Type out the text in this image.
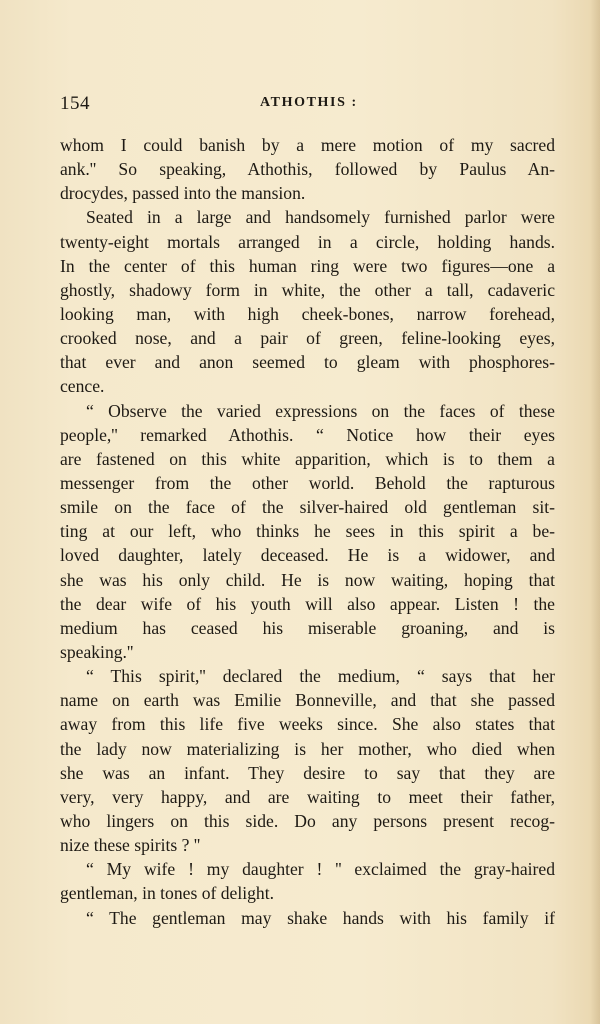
154	ATHOTHIS :
whom I could banish by a mere motion of my sacred
ank.'' So speaking, Athothis, followed by Paulus An-
drocydes, passed into the mansion.
Seated in a large and handsomely furnished parlor were
twenty-eight mortals arranged in a circle, holding hands.
In the center of this human ring were two figures—one a
ghostly, shadowy form in white, the other a tall, cadaveric
looking man, with high cheek-bones, narrow forehead,
crooked nose, and a pair of green, feline-looking eyes,
that ever and anon seemed to gleam with phosphores-
cence.
“ Observe the varied expressions on the faces of these
people,'' remarked Athothis. “ Notice how their eyes
are fastened on this white apparition, which is to them a
messenger from the other world. Behold the rapturous
smile on the face of the silver-haired old gentleman sit-
ting at our left, who thinks he sees in this spirit a be-
loved daughter, lately deceased. He is a widower, and
she was his only child. He is now waiting, hoping that
the dear wife of his youth will also appear. Listen ! the
medium has ceased his miserable groaning, and is
speaking.''
“ This spirit,'' declared the medium, “ says that her
name on earth was Emilie Bonneville, and that she passed
away from this life five weeks since. She also states that
the lady now materializing is her mother, who died when
she was an infant. They desire to say that they are
very, very happy, and are waiting to meet their father,
who lingers on this side. Do any persons present recog-
nize these spirits ? ''
“ My wife ! my daughter ! '' exclaimed the gray-haired
gentleman, in tones of delight.
“ The gentleman may shake hands with his family if
